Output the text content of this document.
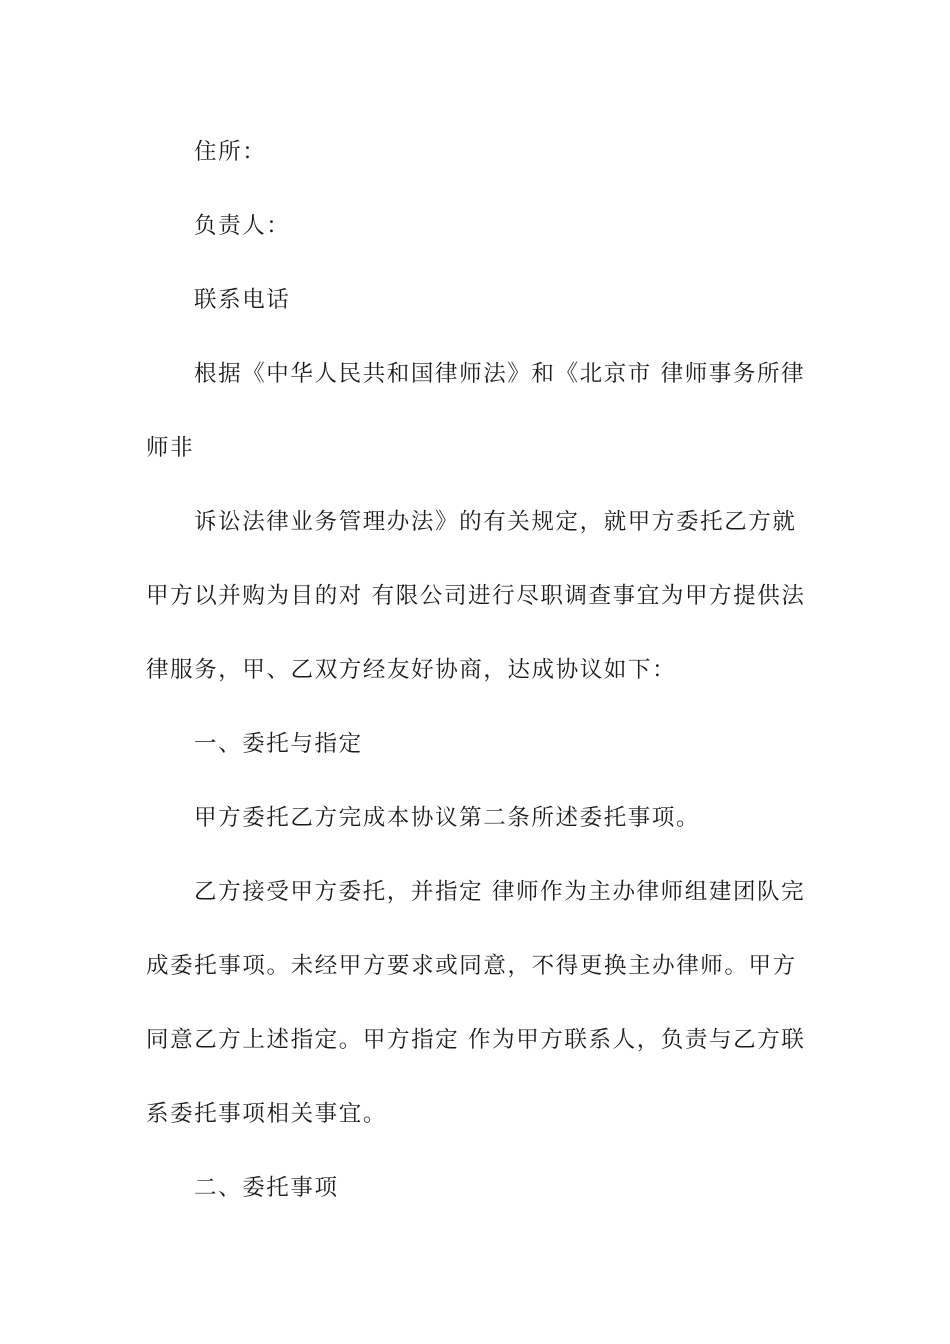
住所：
负责人：
联系电话
根据《中华人民共和国律师法》和《北京市 律师事务所律
师非
诉讼法律业务管理办法》的有关规定，就甲方委托乙方就
甲方以并购为目的对 有限公司进行尽职调查事宜为甲方提供法
律服务，甲、乙双方经友好协商，达成协议如下：
一、委托与指定
甲方委托乙方完成本协议第二条所述委托事项。
乙方接受甲方委托，并指定 律师作为主办律师组建团队完
成委托事项。未经甲方要求或同意，不得更换主办律师。甲方
同意乙方上述指定。甲方指定 作为甲方联系人，负责与乙方联
系委托事项相关事宜。
二、委托事项
